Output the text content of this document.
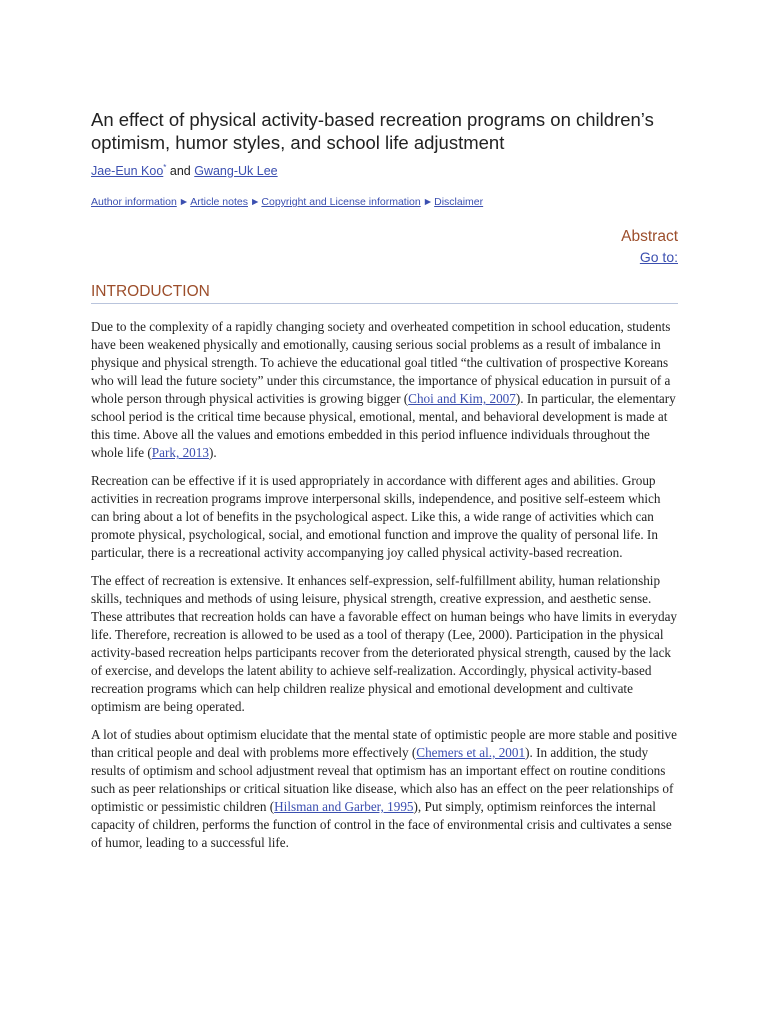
An effect of physical activity-based recreation programs on children’s
optimism, humor styles, and school life adjustment
Jae-Eun Koo* and Gwang-Uk Lee
Author information ►Article notes ►Copyright and License information ►Disclaimer
Abstract
Go to:
INTRODUCTION

Due to the complexity of a rapidly changing society and overheated competition in school education, students have been weakened physically and emotionally, causing serious social problems as a result of imbalance in physique and physical strength. To achieve the educational goal titled “the cultivation of prospective Koreans who will lead the future society” under this circumstance, the importance of physical education in pursuit of a whole person through physical activities is growing bigger (Choi and Kim, 2007). In particular, the elementary school period is the critical time because physical, emotional, mental, and behavioral development is made at this time. Above all the values and emotions embedded in this period influence individuals throughout the whole life (Park, 2013).

Recreation can be effective if it is used appropriately in accordance with different ages and abilities. Group activities in recreation programs improve interpersonal skills, independence, and positive self-esteem which can bring about a lot of benefits in the psychological aspect. Like this, a wide range of activities which can promote physical, psychological, social, and emotional function and improve the quality of personal life. In particular, there is a recreational activity accompanying joy called physical activity-based recreation.

The effect of recreation is extensive. It enhances self-expression, self-fulfillment ability, human relationship skills, techniques and methods of using leisure, physical strength, creative expression, and aesthetic sense. These attributes that recreation holds can have a favorable effect on human beings who have limits in everyday life. Therefore, recreation is allowed to be used as a tool of therapy (Lee, 2000). Participation in the physical activity-based recreation helps participants recover from the deteriorated physical strength, caused by the lack of exercise, and develops the latent ability to achieve self-realization. Accordingly, physical activity-based recreation programs which can help children realize physical and emotional development and cultivate optimism are being operated.

A lot of studies about optimism elucidate that the mental state of optimistic people are more stable and positive than critical people and deal with problems more effectively (Chemers et al., 2001). In addition, the study results of optimism and school adjustment reveal that optimism has an important effect on routine conditions such as peer relationships or critical situation like disease, which also has an effect on the peer relationships of optimistic or pessimistic children (Hilsman and Garber, 1995), Put simply, optimism reinforces the internal capacity of children, performs the function of control in the face of environmental crisis and cultivates a sense of humor, leading to a successful life.
